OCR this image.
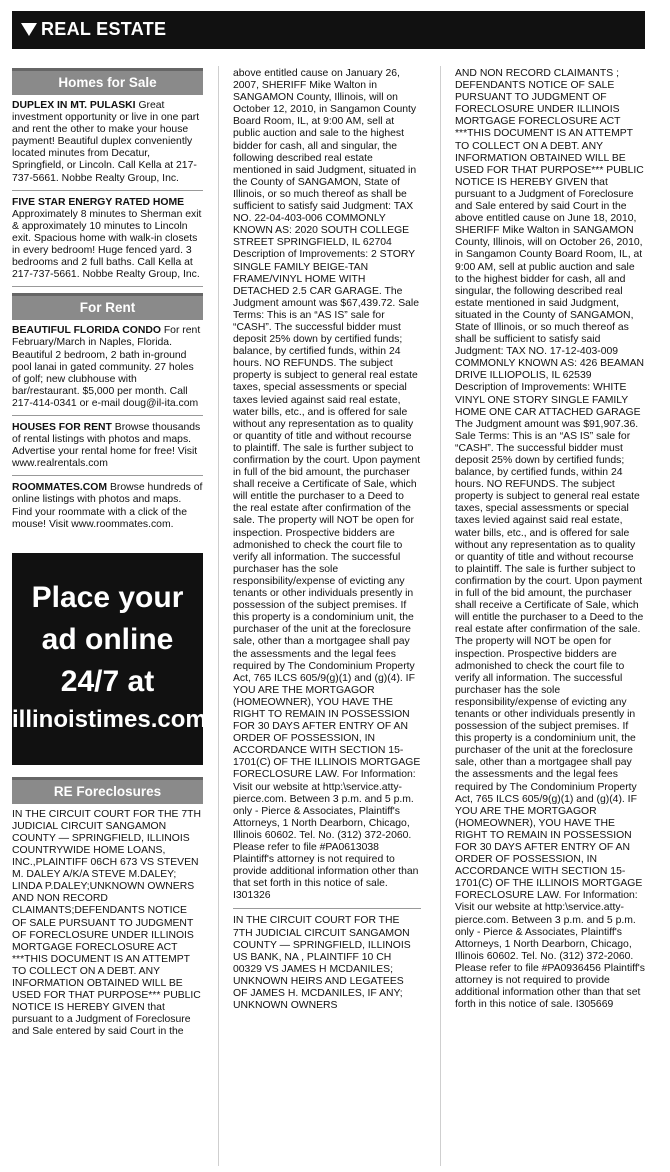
REAL ESTATE
Homes for Sale
DUPLEX IN MT. PULASKI Great investment opportunity or live in one part and rent the other to make your house payment! Beautiful duplex conveniently located minutes from Decatur, Springfield, or Lincoln. Call Kella at 217-737-5661. Nobbe Realty Group, Inc.
FIVE STAR ENERGY RATED HOME
Approximately 8 minutes to Sherman exit & approximately 10 minutes to Lincoln exit. Spacious home with walk-in closets in every bedroom! Huge fenced yard. 3 bedrooms and 2 full baths. Call Kella at 217-737-5661. Nobbe Realty Group, Inc.
For Rent
BEAUTIFUL FLORIDA CONDO For rent February/March in Naples, Florida. Beautiful 2 bedroom, 2 bath in-ground pool lanai in gated community. 27 holes of golf; new clubhouse with bar/restaurant. $5,000 per month. Call 217-414-0341 or e-mail doug@il-ita.com
HOUSES FOR RENT Browse thousands of rental listings with photos and maps. Advertise your rental home for free! Visit www.realrentals.com
ROOMMATES.COM Browse hundreds of online listings with photos and maps. Find your roommate with a click of the mouse! Visit www.roommates.com.
Place your
ad online
24/7 at
illinoistimes.com
RE Foreclosures
IN THE CIRCUIT COURT FOR THE 7TH JUDICIAL CIRCUIT SANGAMON COUNTY — SPRINGFIELD, ILLINOIS COUNTRYWIDE HOME LOANS, INC.,PLAINTIFF 06CH 673 VS STEVEN M. DALEY A/K/A STEVE M.DALEY; LINDA P.DALEY;UNKNOWN OWNERS AND NON RECORD CLAIMANTS;DEFENDANTS NOTICE OF SALE PURSUANT TO JUDGMENT OF FORECLOSURE UNDER ILLINOIS MORTGAGE FORECLOSURE ACT ***THIS DOCUMENT IS AN ATTEMPT TO COLLECT ON A DEBT. ANY INFORMATION OBTAINED WILL BE USED FOR THAT PURPOSE*** PUBLIC NOTICE IS HEREBY GIVEN that pursuant to a Judgment of Foreclosure and Sale entered by said Court in the
above entitled cause on January 26, 2007, SHERIFF Mike Walton in SANGAMON County, Illinois, will on October 12, 2010, in Sangamon County Board Room, IL, at 9:00 AM, sell at public auction and sale to the highest bidder for cash, all and singular, the following described real estate mentioned in said Judgment, situated in the County of SANGAMON, State of Illinois, or so much thereof as shall be sufficient to satisfy said Judgment: TAX NO. 22-04-403-006 COMMONLY KNOWN AS: 2020 SOUTH COLLEGE STREET SPRINGFIELD, IL 62704 Description of Improvements: 2 STORY SINGLE FAMILY BEIGE-TAN FRAME/VINYL HOME WITH DETACHED 2.5 CAR GARAGE. The Judgment amount was $67,439.72. Sale Terms: This is an “AS IS” sale for “CASH”. The successful bidder must deposit 25% down by certified funds; balance, by certified funds, within 24 hours. NO REFUNDS. The subject property is subject to general real estate taxes, special assessments or special taxes levied against said real estate, water bills, etc., and is offered for sale without any representation as to quality or quantity of title and without recourse to plaintiff. The sale is further subject to confirmation by the court. Upon payment in full of the bid amount, the purchaser shall receive a Certificate of Sale, which will entitle the purchaser to a Deed to the real estate after confirmation of the sale. The property will NOT be open for inspection. Prospective bidders are admonished to check the court file to verify all information. The successful purchaser has the sole responsibility/expense of evicting any tenants or other individuals presently in possession of the subject premises. If this property is a condominium unit, the purchaser of the unit at the foreclosure sale, other than a mortgagee shall pay the assessments and the legal fees required by The Condominium Property Act, 765 ILCS 605/9(g)(1) and (g)(4). IF YOU ARE THE MORTGAGOR (HOMEOWNER), YOU HAVE THE RIGHT TO REMAIN IN POSSESSION FOR 30 DAYS AFTER ENTRY OF AN ORDER OF POSSESSION, IN ACCORDANCE WITH SECTION 15-1701(C) OF THE ILLINOIS MORTGAGE FORECLOSURE LAW. For Information: Visit our website at http:\service.atty-pierce.com. Between 3 p.m. and 5 p.m. only - Pierce & Associates, Plaintiff's Attorneys, 1 North Dearborn, Chicago, Illinois 60602. Tel. No. (312) 372-2060. Please refer to file #PA0613038 Plaintiff's attorney is not required to provide additional information other than that set forth in this notice of sale. I301326
IN THE CIRCUIT COURT FOR THE 7TH JUDICIAL CIRCUIT SANGAMON COUNTY — SPRINGFIELD, ILLINOIS US BANK, NA , PLAINTIFF 10 CH 00329 VS JAMES H MCDANILES; UNKNOWN HEIRS AND LEGATEES OF JAMES H. MCDANILES, IF ANY; UNKNOWN OWNERS
AND NON RECORD CLAIMANTS ; DEFENDANTS NOTICE OF SALE PURSUANT TO JUDGMENT OF FORECLOSURE UNDER ILLINOIS MORTGAGE FORECLOSURE ACT ***THIS DOCUMENT IS AN ATTEMPT TO COLLECT ON A DEBT. ANY INFORMATION OBTAINED WILL BE USED FOR THAT PURPOSE*** PUBLIC NOTICE IS HEREBY GIVEN that pursuant to a Judgment of Foreclosure and Sale entered by said Court in the above entitled cause on June 18, 2010, SHERIFF Mike Walton in SANGAMON County, Illinois, will on October 26, 2010, in Sangamon County Board Room, IL, at 9:00 AM, sell at public auction and sale to the highest bidder for cash, all and singular, the following described real estate mentioned in said Judgment, situated in the County of SANGAMON, State of Illinois, or so much thereof as shall be sufficient to satisfy said Judgment: TAX NO. 17-12-403-009 COMMONLY KNOWN AS: 426 BEAMAN DRIVE ILLIOPOLIS, IL 62539 Description of Improvements: WHITE VINYL ONE STORY SINGLE FAMILY HOME ONE CAR ATTACHED GARAGE The Judgment amount was $91,907.36. Sale Terms: This is an “AS IS” sale for “CASH”. The successful bidder must deposit 25% down by certified funds; balance, by certified funds, within 24 hours. NO REFUNDS. The subject property is subject to general real estate taxes, special assessments or special taxes levied against said real estate, water bills, etc., and is offered for sale without any representation as to quality or quantity of title and without recourse to plaintiff. The sale is further subject to confirmation by the court. Upon payment in full of the bid amount, the purchaser shall receive a Certificate of Sale, which will entitle the purchaser to a Deed to the real estate after confirmation of the sale. The property will NOT be open for inspection. Prospective bidders are admonished to check the court file to verify all information. The successful purchaser has the sole responsibility/expense of evicting any tenants or other individuals presently in possession of the subject premises. If this property is a condominium unit, the purchaser of the unit at the foreclosure sale, other than a mortgagee shall pay the assessments and the legal fees required by The Condominium Property Act, 765 ILCS 605/9(g)(1) and (g)(4). IF YOU ARE THE MORTGAGOR (HOMEOWNER), YOU HAVE THE RIGHT TO REMAIN IN POSSESSION FOR 30 DAYS AFTER ENTRY OF AN ORDER OF POSSESSION, IN ACCORDANCE WITH SECTION 15-1701(C) OF THE ILLINOIS MORTGAGE FORECLOSURE LAW. For Information: Visit our website at http:\service.atty-pierce.com. Between 3 p.m. and 5 p.m. only - Pierce & Associates, Plaintiff's Attorneys, 1 North Dearborn, Chicago, Illinois 60602. Tel. No. (312) 372-2060. Please refer to file #PA0936456 Plaintiff's attorney is not required to provide additional information other than that set forth in this notice of sale. I305669
